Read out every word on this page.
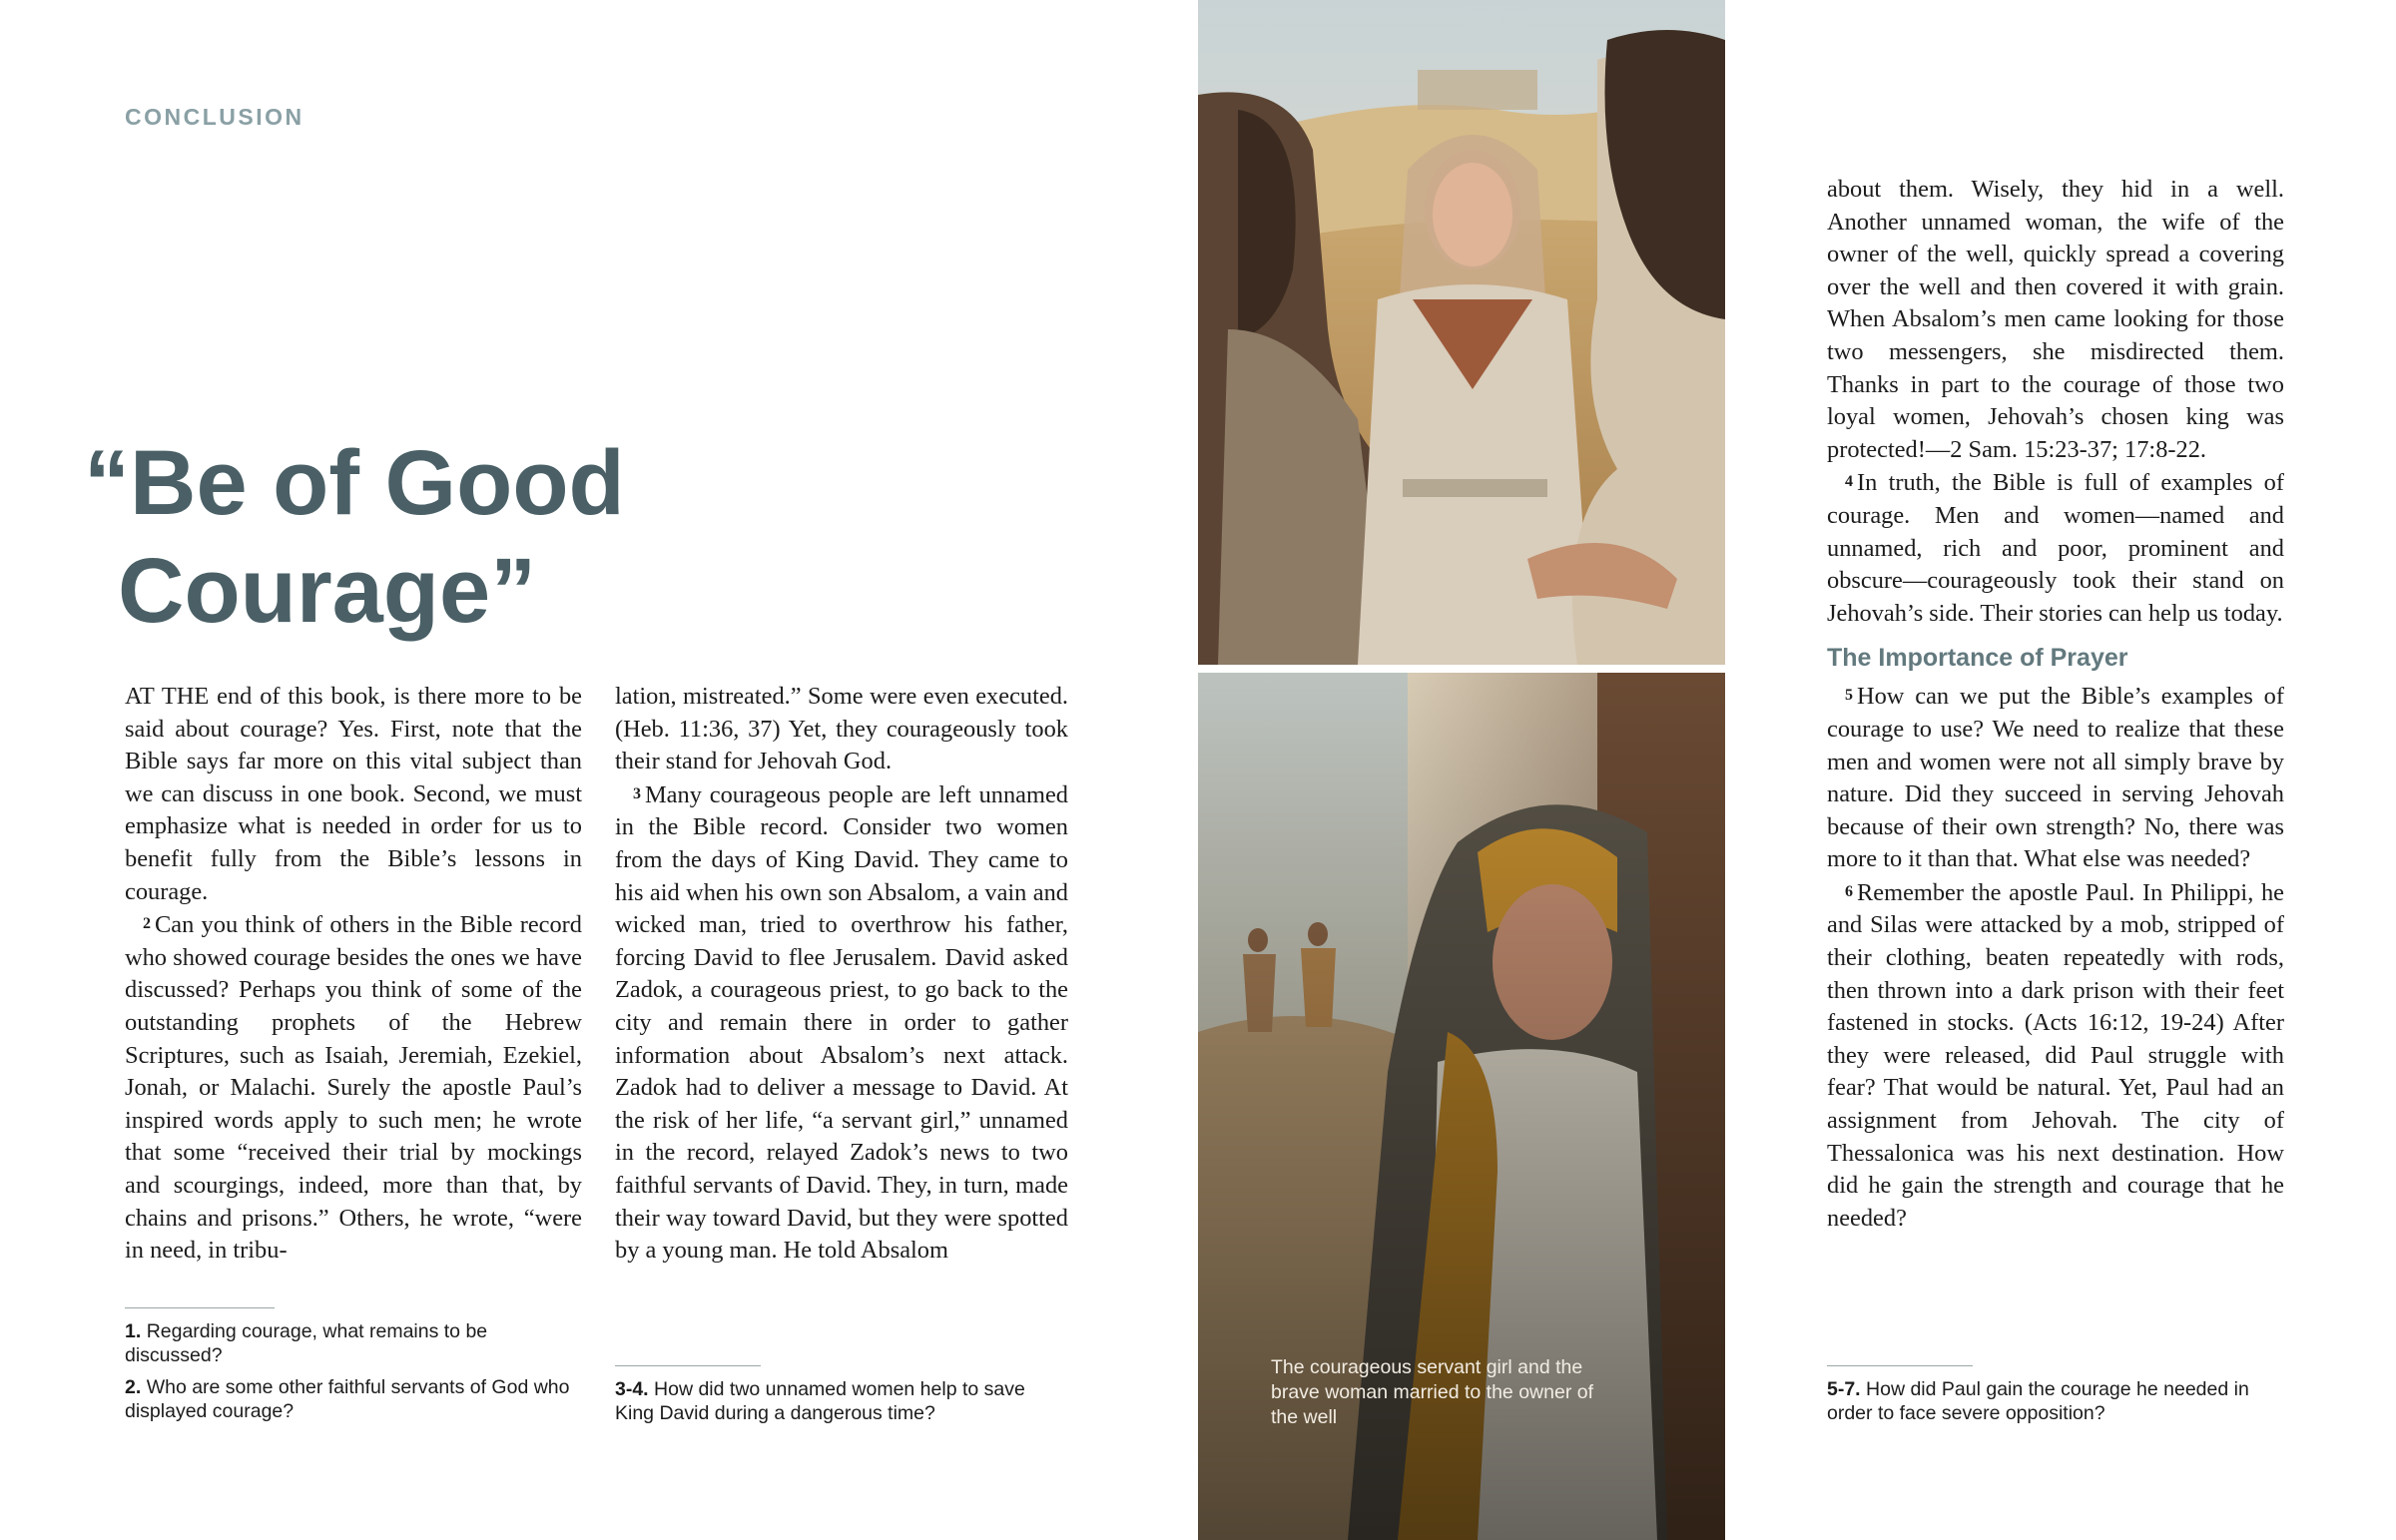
CONCLUSION
“Be of Good
Courage”

AT THE end of this book, is there more to be said about courage? Yes. First, note that the Bible says far more on this vital subject than we can discuss in one book. Second, we must emphasize what is needed in order for us to benefit fully from the Bible’s lessons in courage.

2 Can you think of others in the Bible record who showed courage besides the ones we have discussed? Perhaps you think of some of the outstanding prophets of the Hebrew Scriptures, such as Isaiah, Jeremiah, Ezekiel, Jonah, or Malachi. Surely the apostle Paul’s inspired words apply to such men; he wrote that some “received their trial by mockings and scourgings, indeed, more than that, by chains and prisons.” Others, he wrote, “were in need, in tribu-

1. Regarding courage, what remains to be discussed?

2. Who are some other faithful servants of God who displayed courage?

lation, mistreated.” Some were even executed. (Heb. 11:36, 37) Yet, they courageously took their stand for Jehovah God.

3 Many courageous people are left unnamed in the Bible record. Consider two women from the days of King David. They came to his aid when his own son Absalom, a vain and wicked man, tried to overthrow his father, forcing David to flee Jerusalem. David asked Zadok, a courageous priest, to go back to the city and remain there in order to gather information about Absalom’s next attack. Zadok had to deliver a message to David. At the risk of her life, “a servant girl,” unnamed in the record, relayed Zadok’s news to two faithful servants of David. They, in turn, made their way toward David, but they were spotted by a young man. He told Absalom

3-4. How did two unnamed women help to save King David during a dangerous time?

The courageous servant girl and the brave woman married to the owner of the well

about them. Wisely, they hid in a well. Another unnamed woman, the wife of the owner of the well, quickly spread a covering over the well and then covered it with grain. When Absalom’s men came looking for those two messengers, she misdirected them. Thanks in part to the courage of those two loyal women, Jehovah’s chosen king was protected!—2 Sam. 15:23-37; 17:8-22.

4 In truth, the Bible is full of examples of courage. Men and women—named and unnamed, rich and poor, prominent and obscure—courageously took their stand on Jehovah’s side. Their stories can help us today.

The Importance of Prayer

5 How can we put the Bible’s examples of courage to use? We need to realize that these men and women were not all simply brave by nature. Did they succeed in serving Jehovah because of their own strength? No, there was more to it than that. What else was needed?

6 Remember the apostle Paul. In Philippi, he and Silas were attacked by a mob, stripped of their clothing, beaten repeatedly with rods, then thrown into a dark prison with their feet fastened in stocks. (Acts 16:12, 19-24) After they were released, did Paul struggle with fear? That would be natural. Yet, Paul had an assignment from Jehovah. The city of Thessalonica was his next destination. How did he gain the strength and courage that he needed?

5-7. How did Paul gain the courage he needed in order to face severe opposition?
